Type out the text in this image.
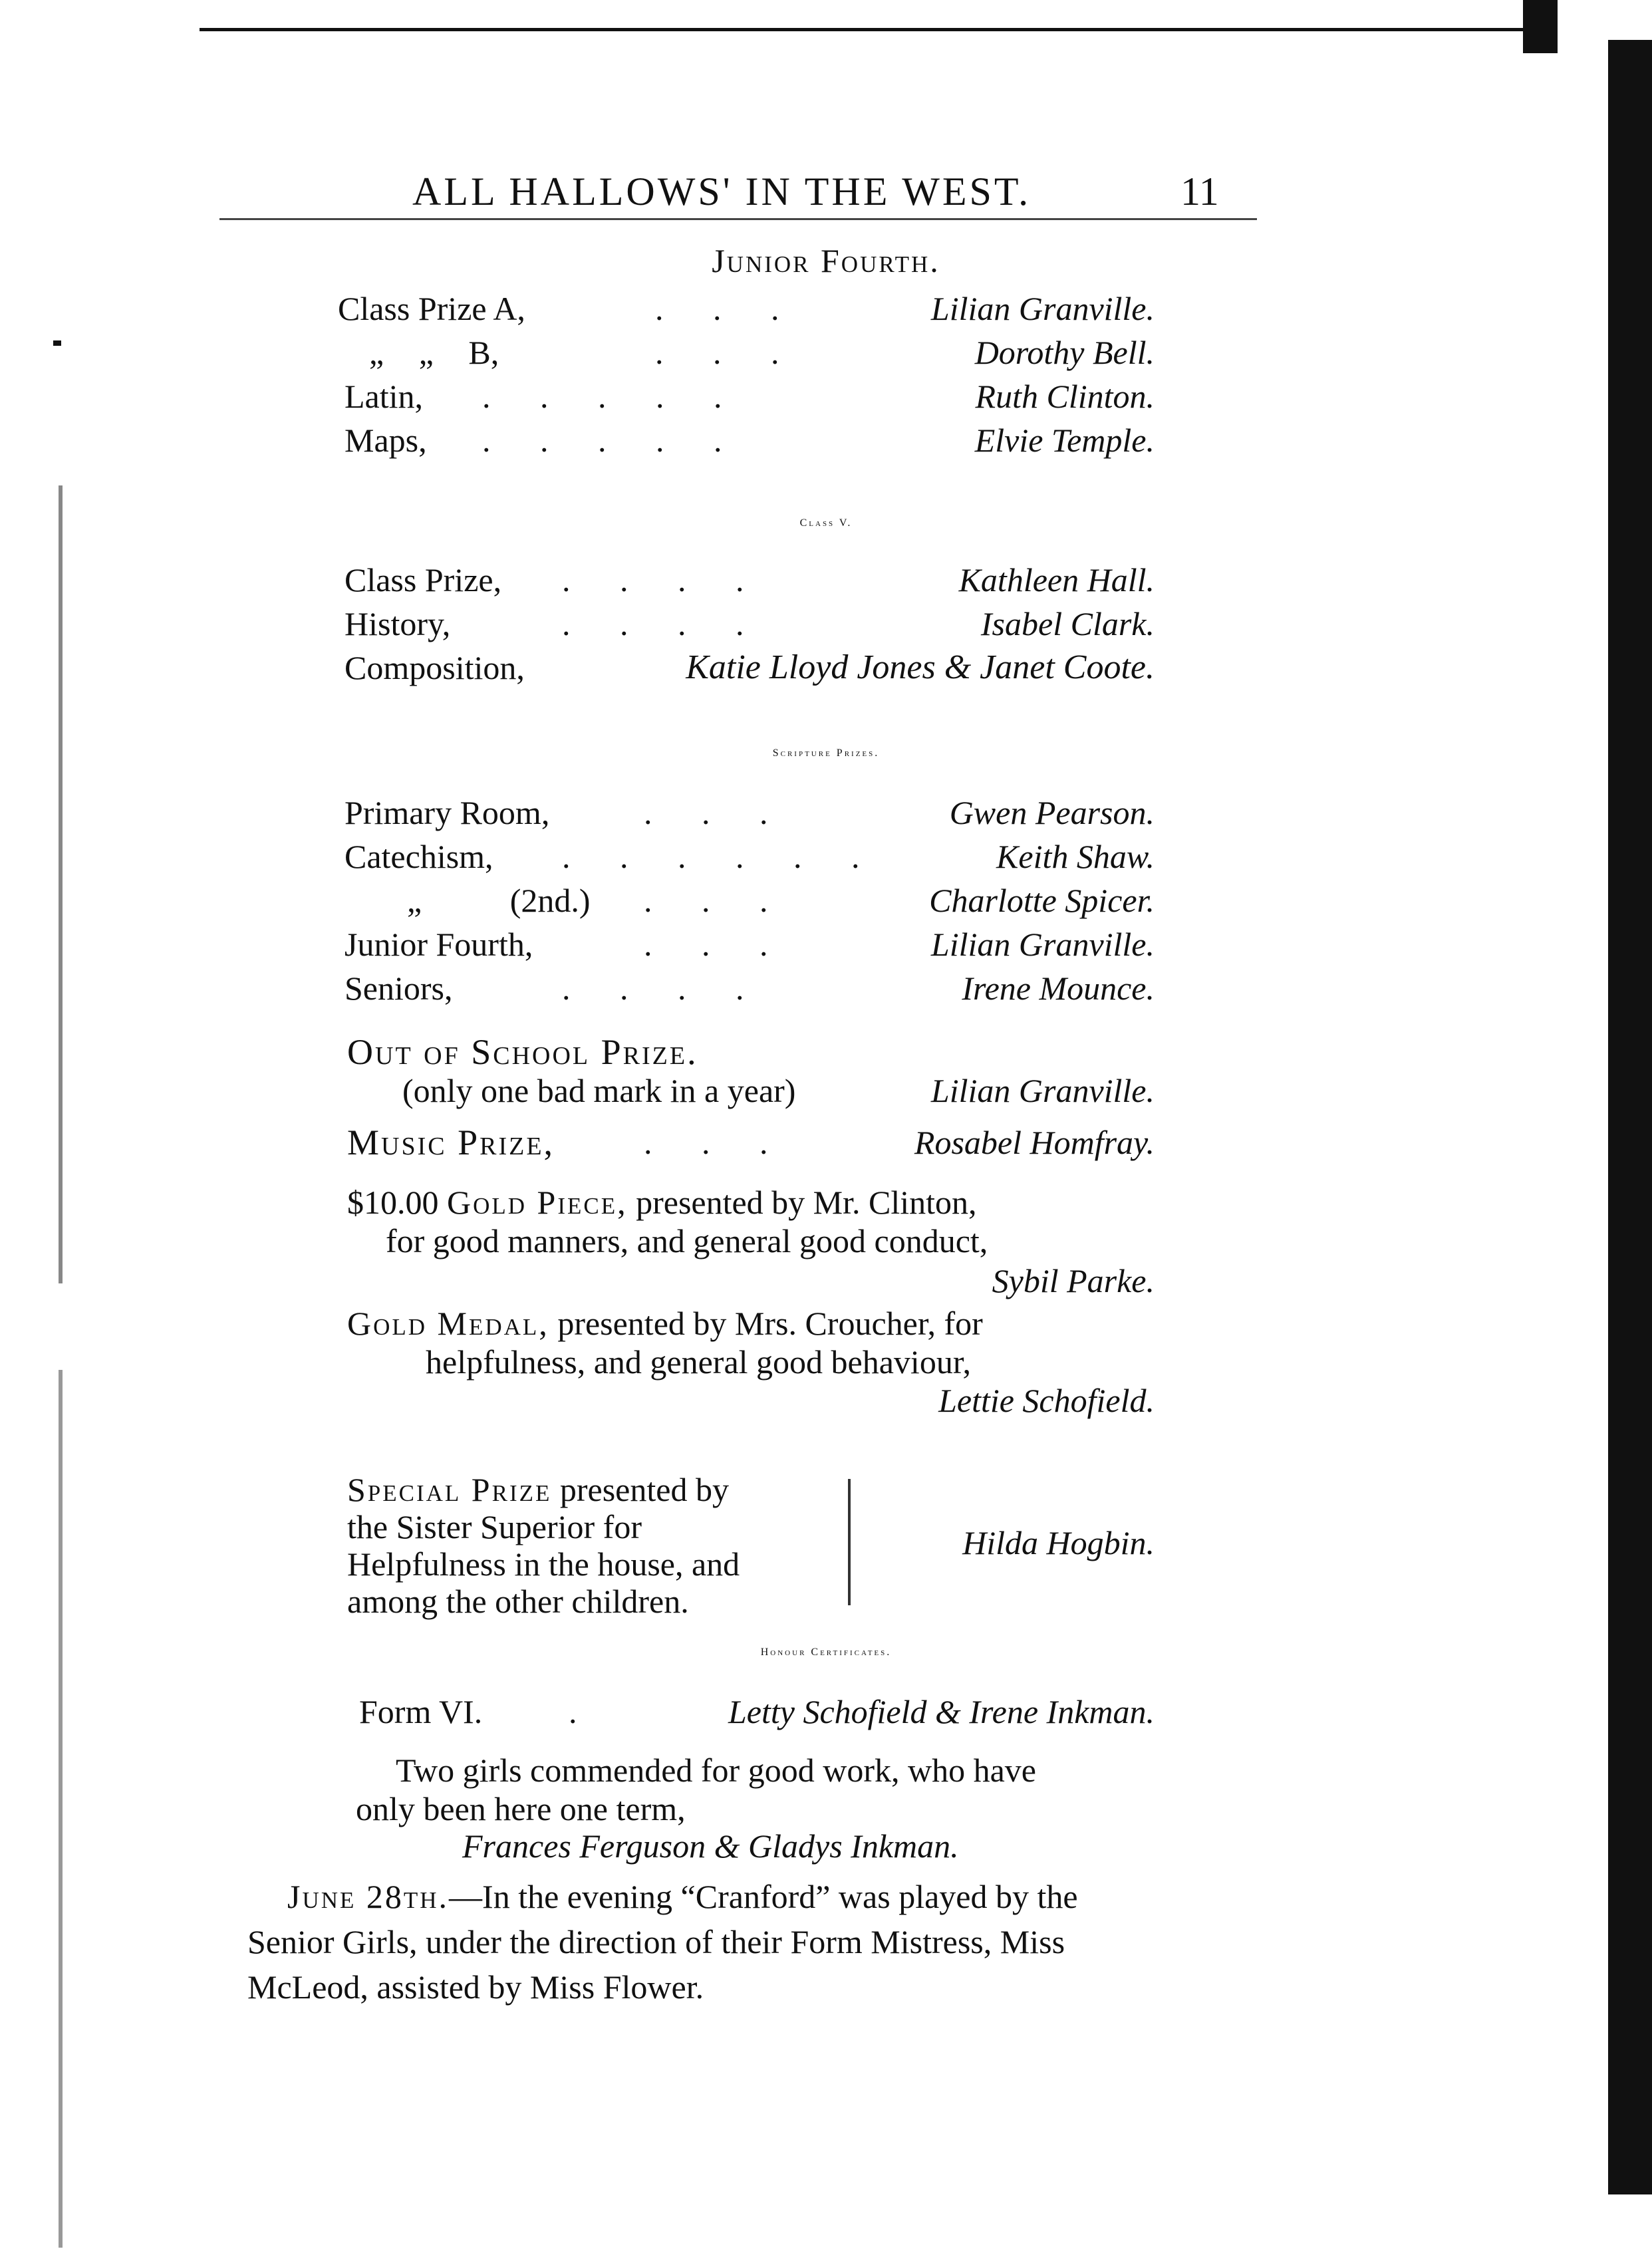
ALL HALLOWS' IN THE WEST.	11
Junior Fourth.
Class Prize A,	. . .	Lilian Granville.
„ „ B,	. . .	Dorothy Bell.
Latin, . . . . .	Ruth Clinton.
Maps, . . . . .	Elvie Temple.
Class V.
Class Prize, . . . .	Kathleen Hall.
History,	. . . .	Isabel Clark.
Composition,	Katie Lloyd Jones & Janet Coote.
Scripture Prizes.
Primary Room,	. . .	Gwen Pearson.
Catechism, . . . . . .	Keith Shaw.
„ (2nd.) . . .	Charlotte Spicer.
Junior Fourth,	. . .	Lilian Granville.
Seniors,	. . . .	Irene Mounce.
Out of School Prize.
(only one bad mark in a year)	Lilian Granville.
Music Prize,	. . .	Rosabel Homfray.
$10.00 Gold Piece, presented by Mr. Clinton,
for good manners, and general good conduct,
Sybil Parke.
Gold Medal, presented by Mrs. Croucher, for
helpfulness, and general good behaviour,
Lettie Schofield.
Special Prize presented by
the Sister Superior for
Helpfulness in the house, and
among the other children.
Hilda Hogbin.
Honour Certificates.
Form VI.	.	Letty Schofield & Irene Inkman.
Two girls commended for good work, who have
only been here one term,
Frances Ferguson & Gladys Inkman.
June 28th.—In the evening “Cranford” was played by the
Senior Girls, under the direction of their Form Mistress, Miss
McLeod, assisted by Miss Flower.
